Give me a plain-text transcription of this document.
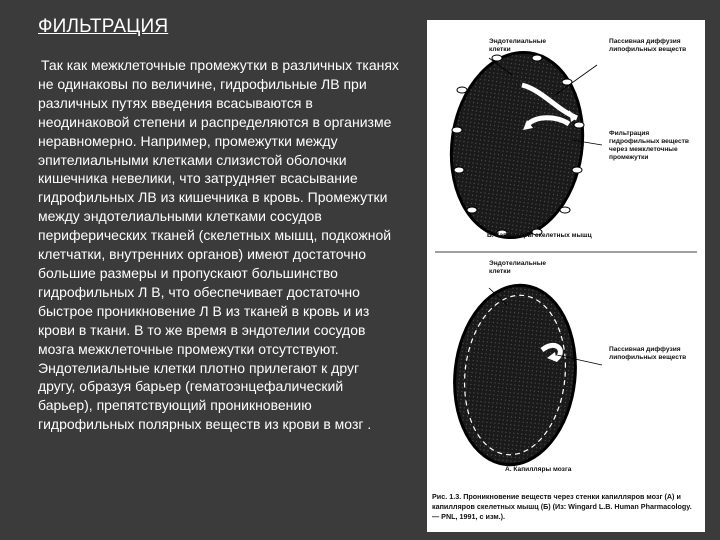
ФИЛЬТРАЦИЯ

Так как межклеточные промежутки в различных тканях не одинаковы по величине, гидрофильные ЛВ при различных путях введения всасываются в неодинаковой степени и распределяются в организме неравномерно. Например, промежутки между эпителиальными клетками слизистой оболочки кишечника невелики, что затрудняет всасывание гидрофильных ЛВ из кишечника в кровь. Промежутки между эндотелиальными клетками сосудов периферических тканей (скелетных мышц, подкожной клетчатки, внутренних органов) имеют достаточно большие размеры и пропускают большинство гидрофильных Л В, что обеспечивает достаточно быстрое проникновение Л В из тканей в кровь и из крови в ткани. В то же время в эндотелии сосудов мозга межклеточные промежутки отсутствуют. Эндотелиальные клетки плотно прилегают к друг другу, образуя барьер (гематоэнцефалический барьер), препятствующий проникновению гидрофильных полярных веществ из крови в мозг .

Эндотелиальные клетки
Пассивная диффузия липофильных веществ
Фильтрация гидрофильных веществ через межклеточные промежутки
Б. Капилляры скелетных мышц
Эндотелиальные клетки
Пассивная диффузия липофильных веществ
А. Капилляры мозга
Рис. 1.3. Проникновение веществ через стенки капилляров мозг (А) и капилляров скелетных мышц (Б) (Из: Wingard L.B. Human Pharmacology. — PNL, 1991, с изм.).
